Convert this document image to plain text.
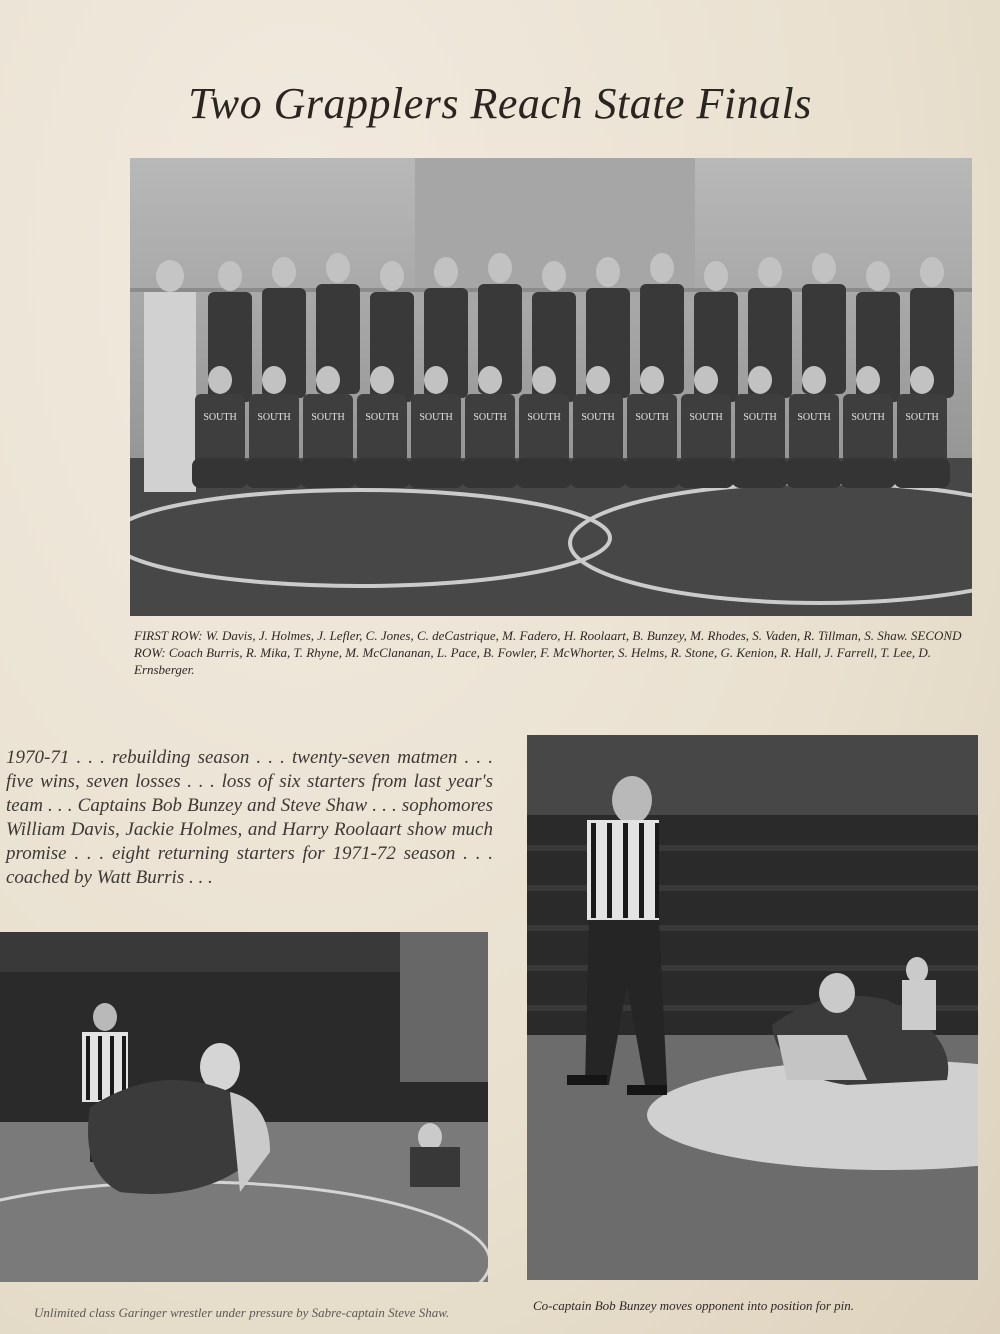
Two Grapplers Reach State Finals
SOUTH SOUTH SOUTH SOUTH SOUTH SOUTH SOUTH SOUTH SOUTH SOUTH SOUTH SOUTH SOUTH SOUTH

FIRST ROW: W. Davis, J. Holmes, J. Lefler, C. Jones, C. deCastrique, M. Fadero, H. Roolaart, B. Bunzey, M. Rhodes, S. Vaden, R. Tillman, S. Shaw. SECOND ROW: Coach Burris, R. Mika, T. Rhyne, M. McClananan, L. Pace, B. Fowler, F. McWhorter, S. Helms, R. Stone, G. Kenion, R. Hall, J. Farrell, T. Lee, D. Ernsberger.

1970-71 . . . rebuilding season . . . twenty-seven matmen . . . five wins, seven losses . . . loss of six starters from last year's team . . . Captains Bob Bunzey and Steve Shaw . . . sophomores William Davis, Jackie Holmes, and Harry Roolaart show much promise . . . eight returning starters for 1971-72 season . . . coached by Watt Burris . . .

Unlimited class Garinger wrestler under pressure by Sabre-captain Steve Shaw.	Co-captain Bob Bunzey moves opponent into position for pin.
